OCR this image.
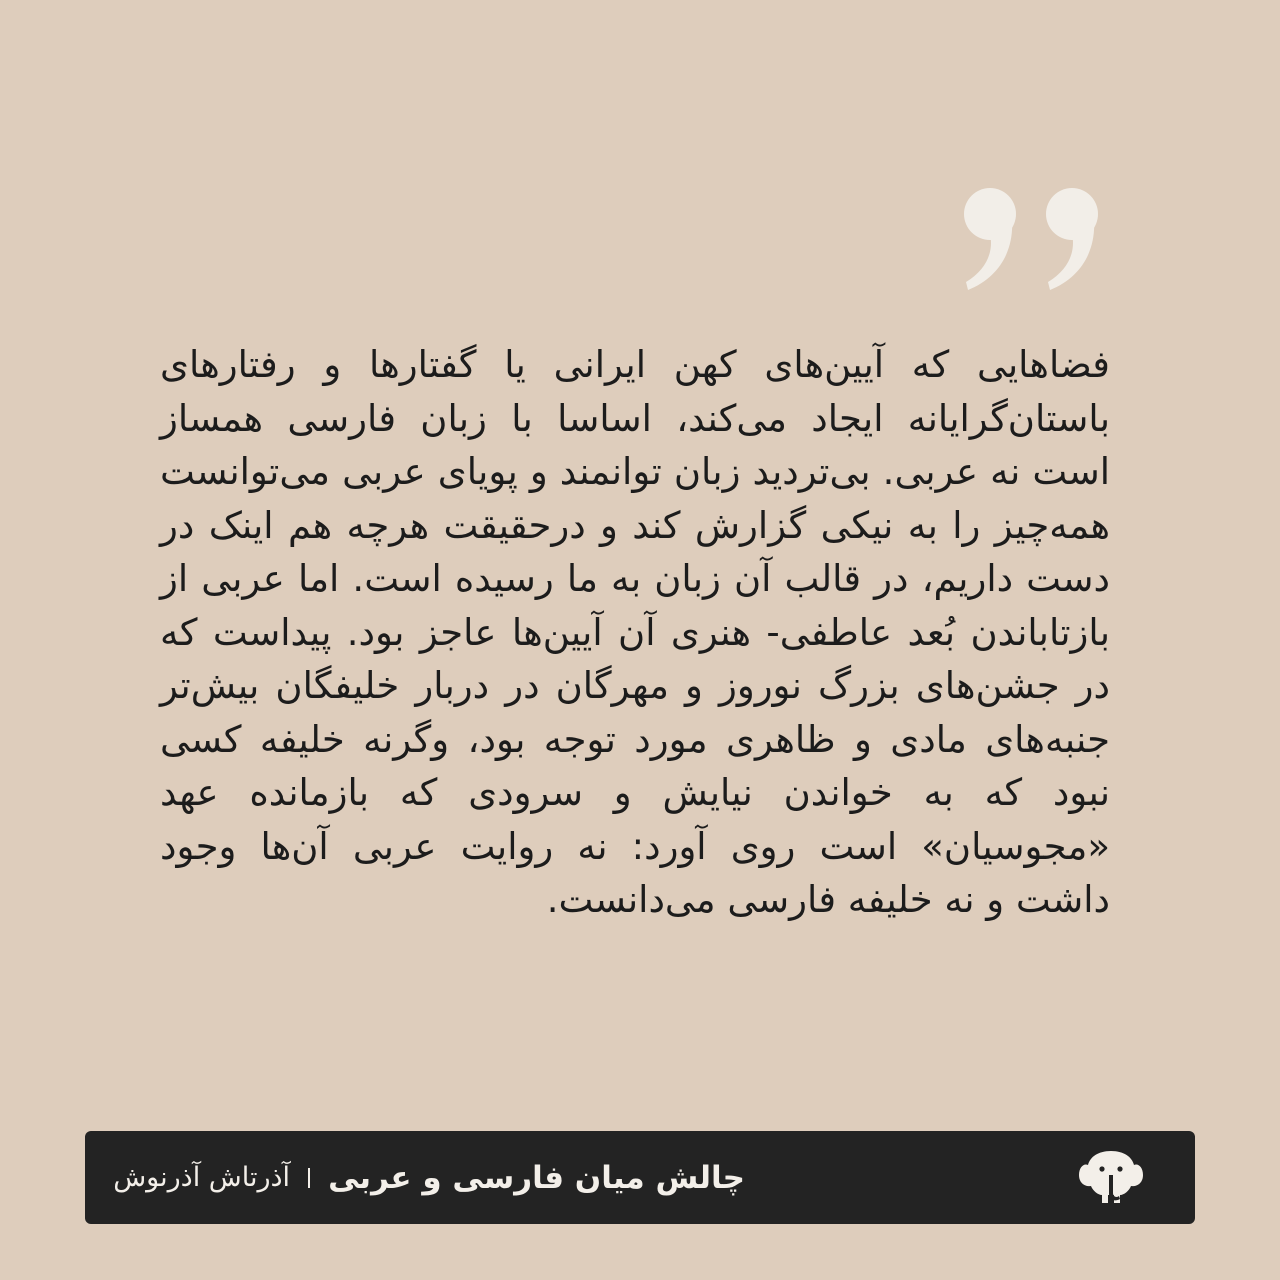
فضاهایی که آیین‌های کهن ایرانی یا گفتارها و رفتارهای باستان‌گرایانه ایجاد می‌کند، اساسا با زبان فارسی همساز است نه عربی. بی‌تردید زبان توانمند و پویای عربی می‌توانست همه‌چیز را به نیکی گزارش کند و درحقیقت هرچه هم اینک در دست داریم، در قالب آن زبان به ما رسیده است. اما عربی از بازتاباندن بُعد عاطفی- هنری آن آیین‌ها عاجز بود. پیداست که در جشن‌های بزرگ نوروز و مهرگان در دربار خلیفگان بیش‌تر جنبه‌های مادی و ظاهری مورد توجه بود، وگرنه خلیفه کسی نبود که به خواندن نیایش و سرودی که بازمانده عهد «مجوسیان» است روی آورد: نه روایت عربی آن‌ها وجود داشت و نه خلیفه فارسی می‌دانست.

چالش میان فارسی و عربی
آذرتاش آذرنوش
